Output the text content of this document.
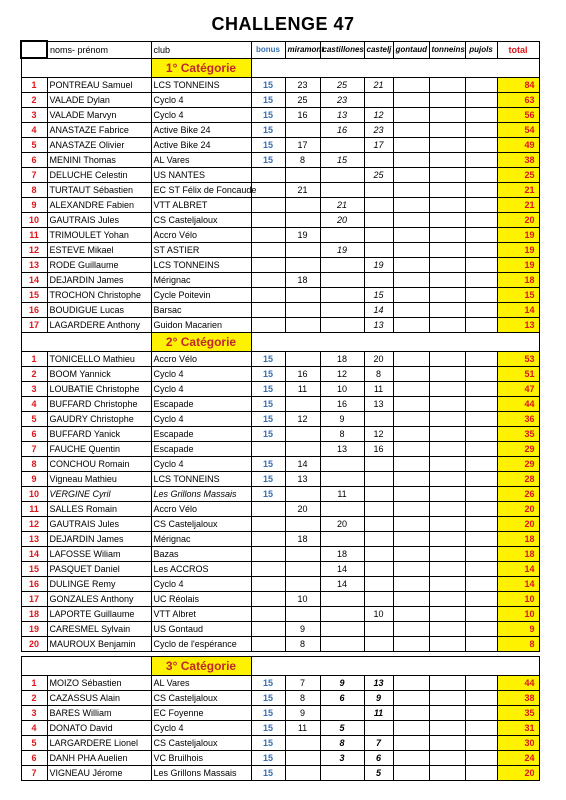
CHALLENGE 47
	noms- prénom	club	bonus	miramont	castillones	castelj	gontaud	tonneins	pujols	total
		1° Catégorie								
1	PONTREAU Samuel	LCS TONNEINS	15	23	25	21				84
2	VALADE Dylan	Cyclo 4	15	25	23					63
3	VALADE Marvyn	Cyclo 4	15	16	13	12				56
4	ANASTAZE Fabrice	Active Bike 24	15		16	23				54
5	ANASTAZE Olivier	Active Bike 24	15	17		17				49
6	MENINI Thomas	AL Vares	15	8	15					38
7	DELUCHE Celestin	US NANTES				25				25
8	TURTAUT Sébastien	EC ST Félix de Foncaude		21						21
9	ALEXANDRE Fabien	VTT ALBRET			21					21
10	GAUTRAIS Jules	CS Casteljaloux			20					20
11	TRIMOULET Yohan	Accro Vélo		19						19
12	ESTEVE Mikael	ST ASTIER			19					19
13	RODE Guillaume	LCS TONNEINS				19				19
14	DEJARDIN James	Mérignac		18						18
15	TROCHON Christophe	Cycle Poitevin				15				15
16	BOUDIGUE Lucas	Barsac				14				14
17	LAGARDERE Anthony	Guidon Macarien				13				13
		2° Catégorie								
1	TONICELLO Mathieu	Accro Vélo	15		18	20				53
2	BOOM Yannick	Cyclo 4	15	16	12	8				51
3	LOUBATIE Christophe	Cyclo 4	15	11	10	11				47
4	BUFFARD Christophe	Escapade	15		16	13				44
5	GAUDRY Christophe	Cyclo 4	15	12	9					36
6	BUFFARD Yanick	Escapade	15		8	12				35
7	FAUCHE Quentin	Escapade			13	16				29
8	CONCHOU Romain	Cyclo 4	15	14						29
9	Vigneau Mathieu	LCS TONNEINS	15	13						28
10	VERGINE Cyril	Les Grillons Massais	15		11					26
11	SALLES Romain	Accro Vélo		20						20
12	GAUTRAIS Jules	CS Casteljaloux			20					20
13	DEJARDIN James	Mérignac		18						18
14	LAFOSSE Wiliam	Bazas			18					18
15	PASQUET Daniel	Les ACCROS			14					14
16	DULINGE Remy	Cyclo 4			14					14
17	GONZALES Anthony	UC Réolais		10						10
18	LAPORTE Guillaume	VTT Albret				10				10
19	CARESMEL Sylvain	US Gontaud		9						9
20	MAUROUX Benjamin	Cyclo de l'espérance		8						8

		3° Catégorie								
1	MOIZO Sébastien	AL Vares	15	7	9	13				44
2	CAZASSUS Alain	CS Casteljaloux	15	8	6	9				38
3	BARES William	EC Foyenne	15	9		11				35
4	DONATO David	Cyclo 4	15	11	5					31
5	LARGARDERE Lionel	CS Casteljaloux	15		8	7				30
6	DANH PHA Auelien	VC Bruilhois	15		3	6				24
7	VIGNEAU Jérome	Les Grillons Massais	15			5				20
